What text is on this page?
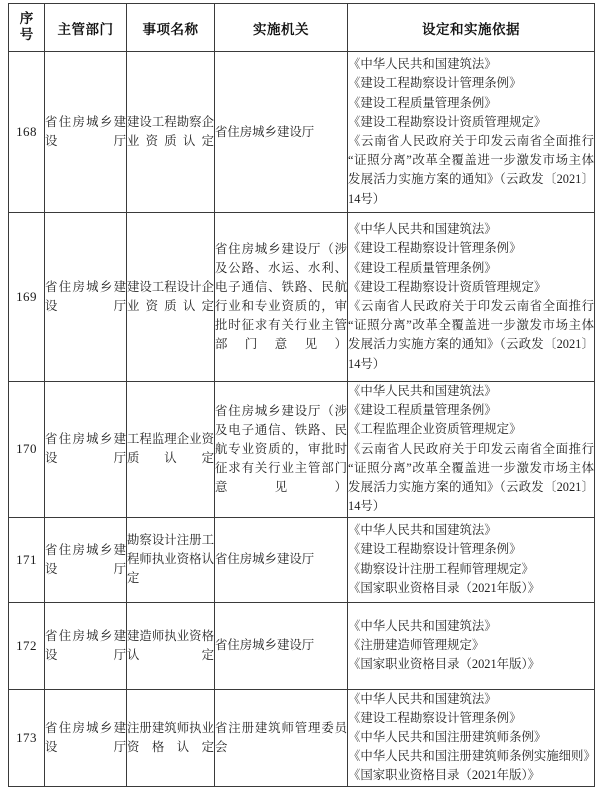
序
号	主管部门	事项名称	实施机关	设定和实施依据
168	省住房城乡建设厅	建设工程勘察企业资质认定	省住房城乡建设厅	《中华人民共和国建筑法》
《建设工程勘察设计管理条例》
《建设工程质量管理条例》
《建设工程勘察设计资质管理规定》
《云南省人民政府关于印发云南省全面推行“证照分离”改革全覆盖进一步激发市场主体发展活力实施方案的通知》（云政发〔2021〕14号）

169	省住房城乡建设厅	建设工程设计企业资质认定	省住房城乡建设厅（涉及公路、水运、水利、电子通信、铁路、民航行业和专业资质的，审批时征求有关行业主管部门意见）	《中华人民共和国建筑法》
《建设工程勘察设计管理条例》
《建设工程质量管理条例》
《建设工程勘察设计资质管理规定》
《云南省人民政府关于印发云南省全面推行“证照分离”改革全覆盖进一步激发市场主体发展活力实施方案的通知》（云政发〔2021〕14号）

170	省住房城乡建设厅	工程监理企业资质认定	省住房城乡建设厅（涉及电子通信、铁路、民航专业资质的，审批时征求有关行业主管部门意见）	《中华人民共和国建筑法》
《建设工程质量管理条例》
《工程监理企业资质管理规定》
《云南省人民政府关于印发云南省全面推行“证照分离”改革全覆盖进一步激发市场主体发展活力实施方案的通知》（云政发〔2021〕14号）

171	省住房城乡建设厅	勘察设计注册工程师执业资格认定	省住房城乡建设厅	《中华人民共和国建筑法》
《建设工程勘察设计管理条例》
《勘察设计注册工程师管理规定》
《国家职业资格目录（2021年版）》

172	省住房城乡建设厅	建造师执业资格认定	省住房城乡建设厅	《中华人民共和国建筑法》
《注册建造师管理规定》
《国家职业资格目录（2021年版）》

173	省住房城乡建设厅	注册建筑师执业资格认定	省注册建筑师管理委员会	《中华人民共和国建筑法》
《建设工程勘察设计管理条例》
《中华人民共和国注册建筑师条例》
《中华人民共和国注册建筑师条例实施细则》
《国家职业资格目录（2021年版）》
